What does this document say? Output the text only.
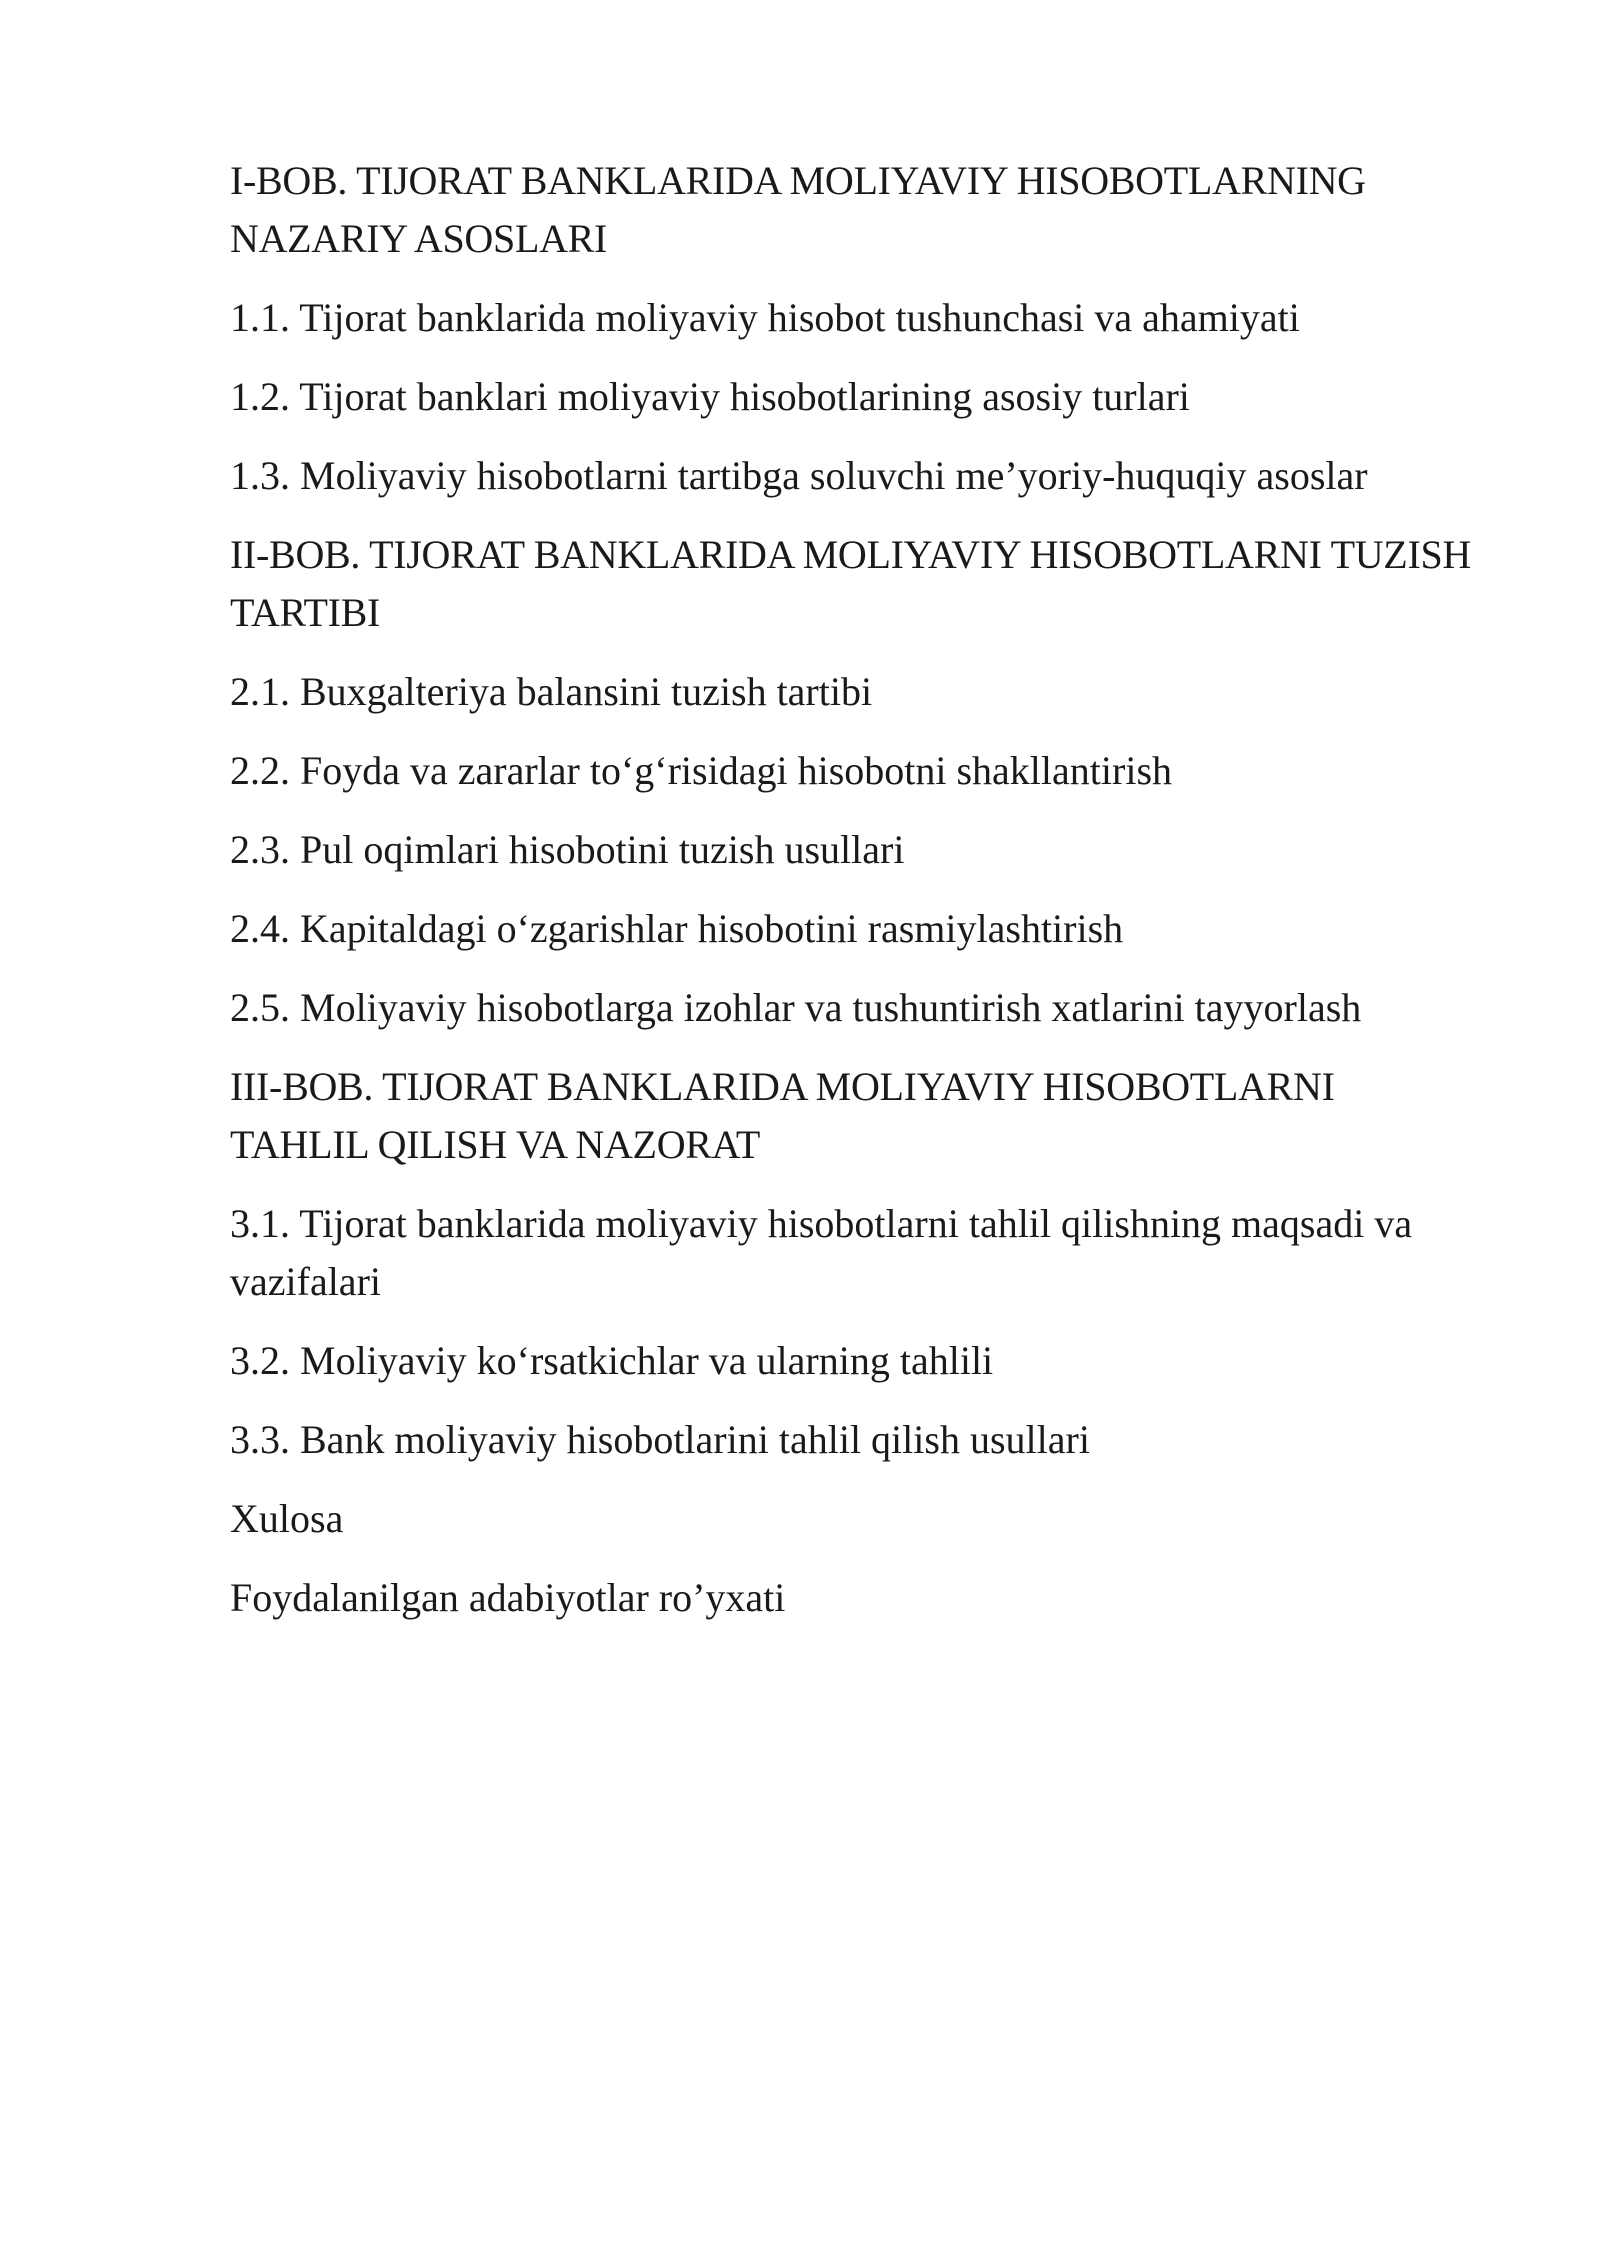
I-BOB. TIJORAT BANKLARIDA MOLIYAVIY HISOBOTLARNING NAZARIY ASOSLARI

1.1. Tijorat banklarida moliyaviy hisobot tushunchasi va ahamiyati

1.2. Tijorat banklari moliyaviy hisobotlarining asosiy turlari

1.3. Moliyaviy hisobotlarni tartibga soluvchi me’yoriy-huquqiy asoslar

II-BOB. TIJORAT BANKLARIDA MOLIYAVIY HISOBOTLARNI TUZISH TARTIBI

2.1. Buxgalteriya balansini tuzish tartibi

2.2. Foyda va zararlar to‘g‘risidagi hisobotni shakllantirish

2.3. Pul oqimlari hisobotini tuzish usullari

2.4. Kapitaldagi o‘zgarishlar hisobotini rasmiylashtirish

2.5. Moliyaviy hisobotlarga izohlar va tushuntirish xatlarini tayyorlash

III-BOB. TIJORAT BANKLARIDA MOLIYAVIY HISOBOTLARNI TAHLIL QILISH VA NAZORAT

3.1. Tijorat banklarida moliyaviy hisobotlarni tahlil qilishning maqsadi va vazifalari

3.2. Moliyaviy ko‘rsatkichlar va ularning tahlili

3.3. Bank moliyaviy hisobotlarini tahlil qilish usullari

Xulosa

Foydalanilgan adabiyotlar ro’yxati
